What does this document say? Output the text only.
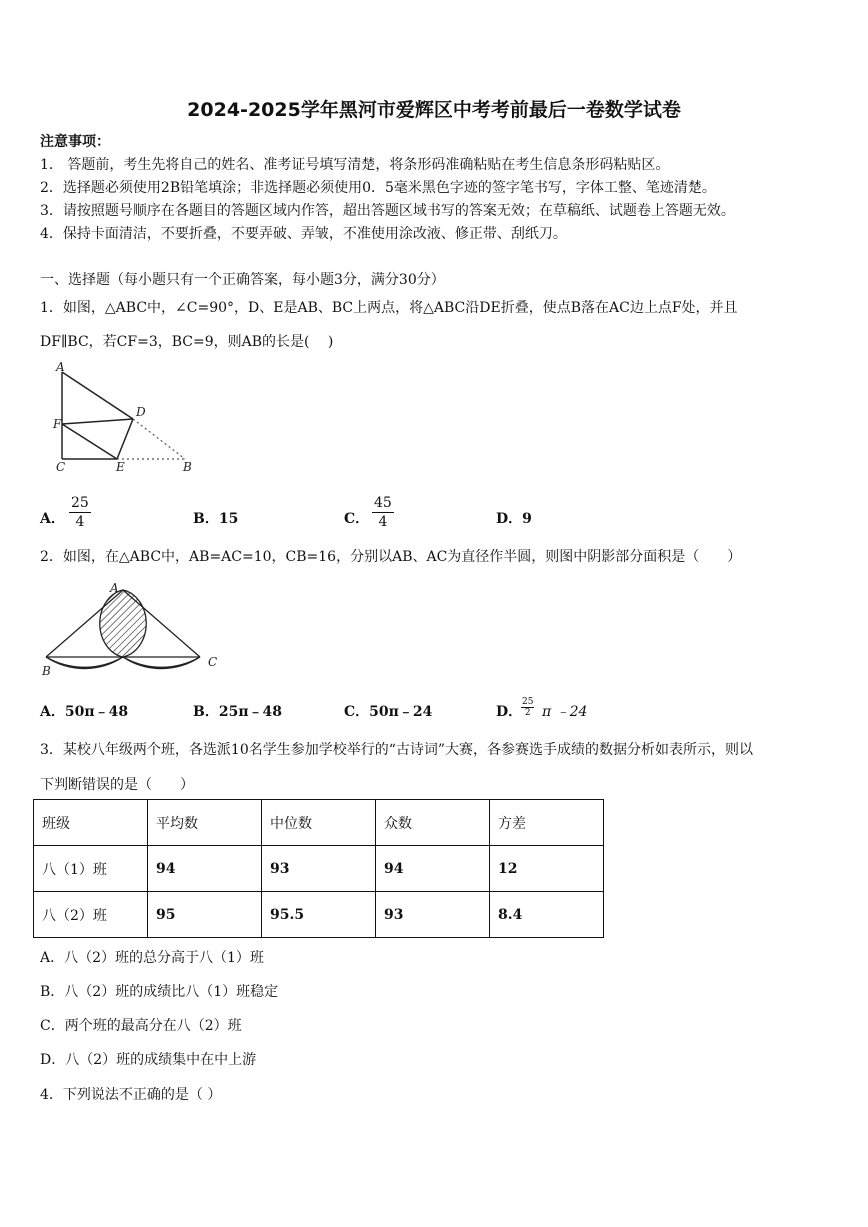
2024-2025学年黑河市爱辉区中考考前最后一卷数学试卷
注意事项：
1． 答题前，考生先将自己的姓名、准考证号填写清楚，将条形码准确粘贴在考生信息条形码粘贴区。
2．选择题必须使用2B铅笔填涂；非选择题必须使用0．5毫米黑色字迹的签字笔书写，字体工整、笔迹清楚。
3．请按照题号顺序在各题目的答题区域内作答，超出答题区域书写的答案无效；在草稿纸、试题卷上答题无效。
4．保持卡面清洁，不要折叠，不要弄破、弄皱，不准使用涂改液、修正带、刮纸刀。
一、选择题（每小题只有一个正确答案，每小题3分，满分30分）
1．如图，△ABC中，∠C=90°，D、E是AB、BC上两点，将△ABC沿DE折叠，使点B落在AC边上点F处，并且
DF∥BC，若CF=3，BC=9，则AB的长是(　 )
A
D
F
C	E	B
A． $\frac{25}{4}$	B．15	C． $\frac{45}{4}$	D．9
2．如图，在△ABC中，AB=AC=10，CB=16，分别以AB、AC为直径作半圆，则图中阴影部分面积是（　　）
A
B
C
A．50π﹣48	B．25π﹣48	C．50π﹣24	D．
$\frac{25}{2}$ π ﹣24
3．某校八年级两个班，各选派10名学生参加学校举行的“古诗词”大赛，各参赛选手成绩的数据分析如表所示，则以
下判断错误的是（　　）
班级	平均数	中位数	众数	方差
八（1）班	94	93	94	12
八（2）班	95	95.5	93	8.4
A．八（2）班的总分高于八（1）班
B．八（2）班的成绩比八（1）班稳定
C．两个班的最高分在八（2）班
D．八（2）班的成绩集中在中上游
4．下列说法不正确的是（ ）
